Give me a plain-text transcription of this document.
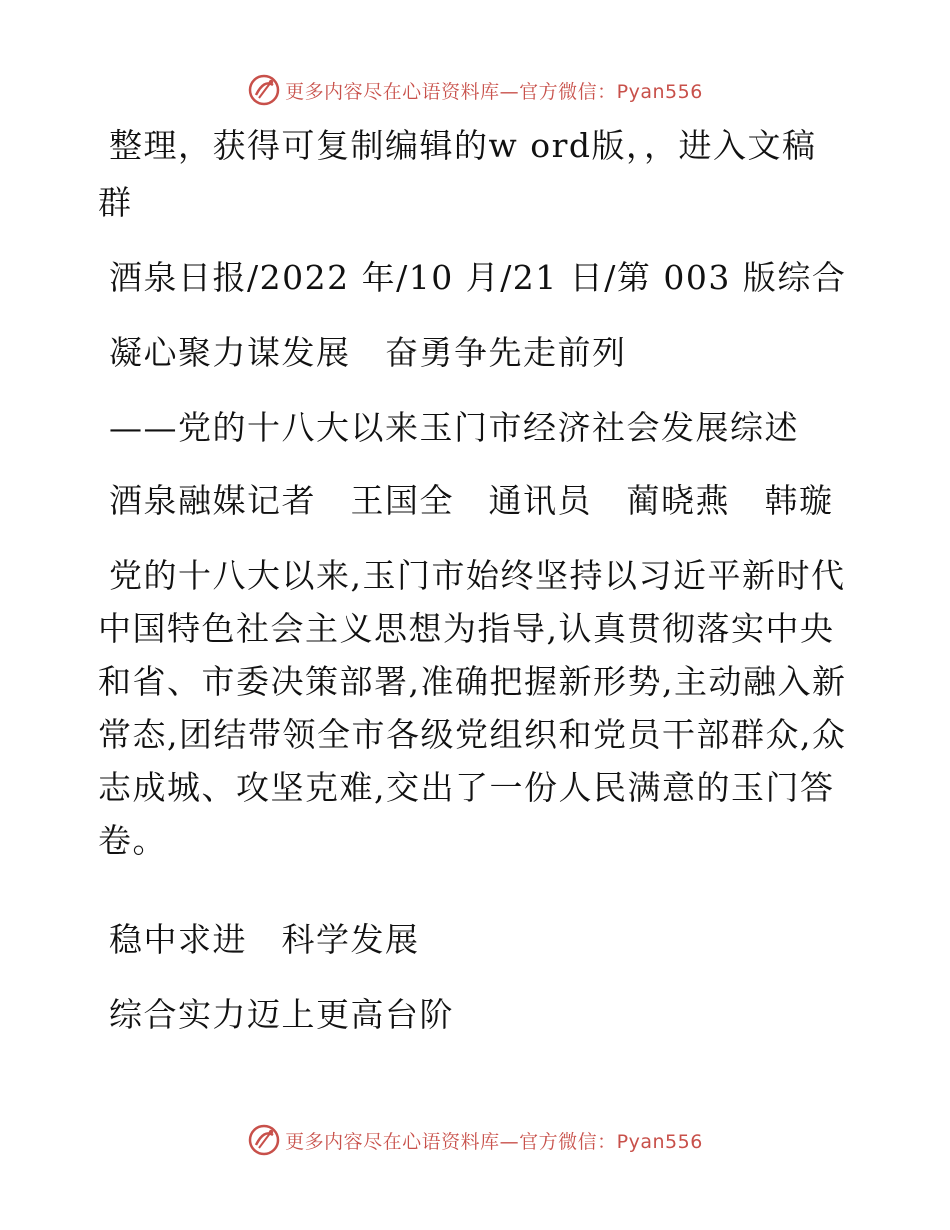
更多内容尽在心语资料库—官方微信：Pyan556
整理，获得可复制编辑的w ord版，，进入文稿
群
酒泉日报/2022 年/10 月/21 日/第 003 版综合
凝心聚力谋发展　奋勇争先走前列
——党的十八大以来玉门市经济社会发展综述
酒泉融媒记者　王国全　通讯员　蔺晓燕　韩璇
党的十八大以来,玉门市始终坚持以习近平新时代
中国特色社会主义思想为指导,认真贯彻落实中央
和省、市委决策部署,准确把握新形势,主动融入新
常态,团结带领全市各级党组织和党员干部群众,众
志成城、攻坚克难,交出了一份人民满意的玉门答
卷。
稳中求进　科学发展
综合实力迈上更高台阶
更多内容尽在心语资料库—官方微信：Pyan556
